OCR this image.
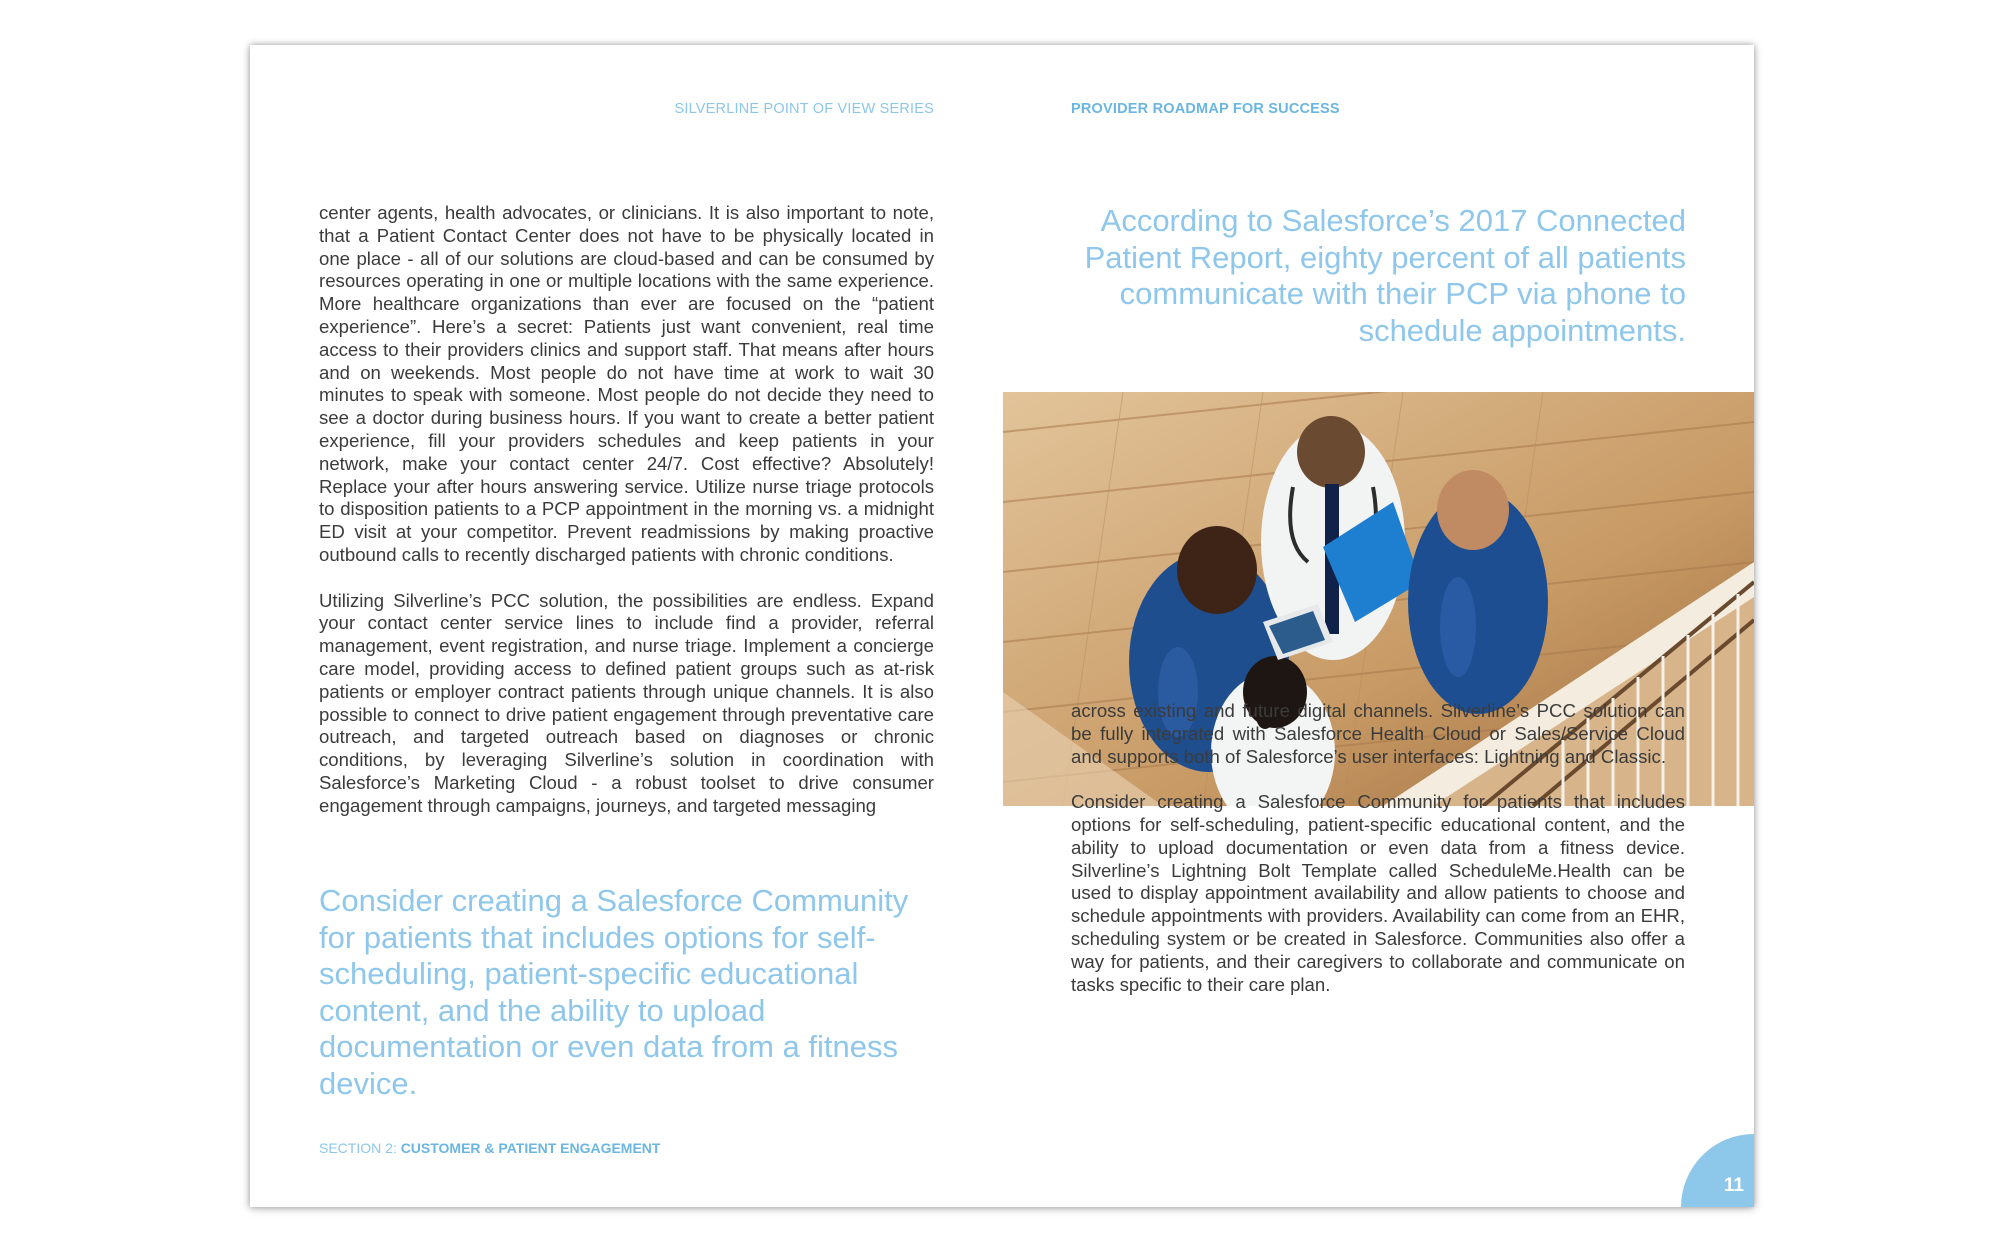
SILVERLINE POINT OF VIEW SERIES	PROVIDER ROADMAP FOR SUCCESS

center agents, health advocates, or clinicians. It is also important to note, that a Patient Contact Center does not have to be physically located in one place - all of our solutions are cloud-based and can be consumed by resources operating in one or multiple locations with the same experience. More healthcare organizations than ever are focused on the “patient experience”. Here’s a secret: Patients just want convenient, real time access to their providers clinics and support staff. That means after hours and on weekends. Most people do not have time at work to wait 30 minutes to speak with someone. Most people do not decide they need to see a doctor during business hours. If you want to create a better patient experience, fill your providers schedules and keep patients in your network, make your contact center 24/7. Cost effective? Absolutely! Replace your after hours answering service. Utilize nurse triage protocols to disposition patients to a PCP appointment in the morning vs. a midnight ED visit at your competitor. Prevent readmissions by making proactive outbound calls to recently discharged patients with chronic conditions.

Utilizing Silverline’s PCC solution, the possibilities are endless. Expand your contact center service lines to include find a provider, referral management, event registration, and nurse triage. Implement a concierge care model, providing access to defined patient groups such as at-risk patients or employer contract patients through unique channels. It is also possible to connect to drive patient engagement through preventative care outreach, and targeted outreach based on diagnoses or chronic conditions, by leveraging Silverline’s solution in coordination with Salesforce’s Marketing Cloud - a robust toolset to drive consumer engagement through campaigns, journeys, and targeted messaging

Consider creating a Salesforce Community for patients that includes options for self-scheduling, patient-specific educational content, and the ability to upload documentation or even data from a fitness device.
According to Salesforce’s 2017 Connected Patient Report, eighty percent of all patients communicate with their PCP via phone to schedule appointments.

across existing and future digital channels. Silverline’s PCC solution can be fully integrated with Salesforce Health Cloud or Sales/Service Cloud and supports both of Salesforce’s user interfaces: Lightning and Classic.

Consider creating a Salesforce Community for patients that includes options for self-scheduling, patient-specific educational content, and the ability to upload documentation or even data from a fitness device. Silverline’s Lightning Bolt Template called ScheduleMe.Health can be used to display appointment availability and allow patients to choose and schedule appointments with providers. Availability can come from an EHR, scheduling system or be created in Salesforce. Communities also offer a way for patients, and their caregivers to collaborate and communicate on tasks specific to their care plan.

SECTION 2: CUSTOMER & PATIENT ENGAGEMENT
11
